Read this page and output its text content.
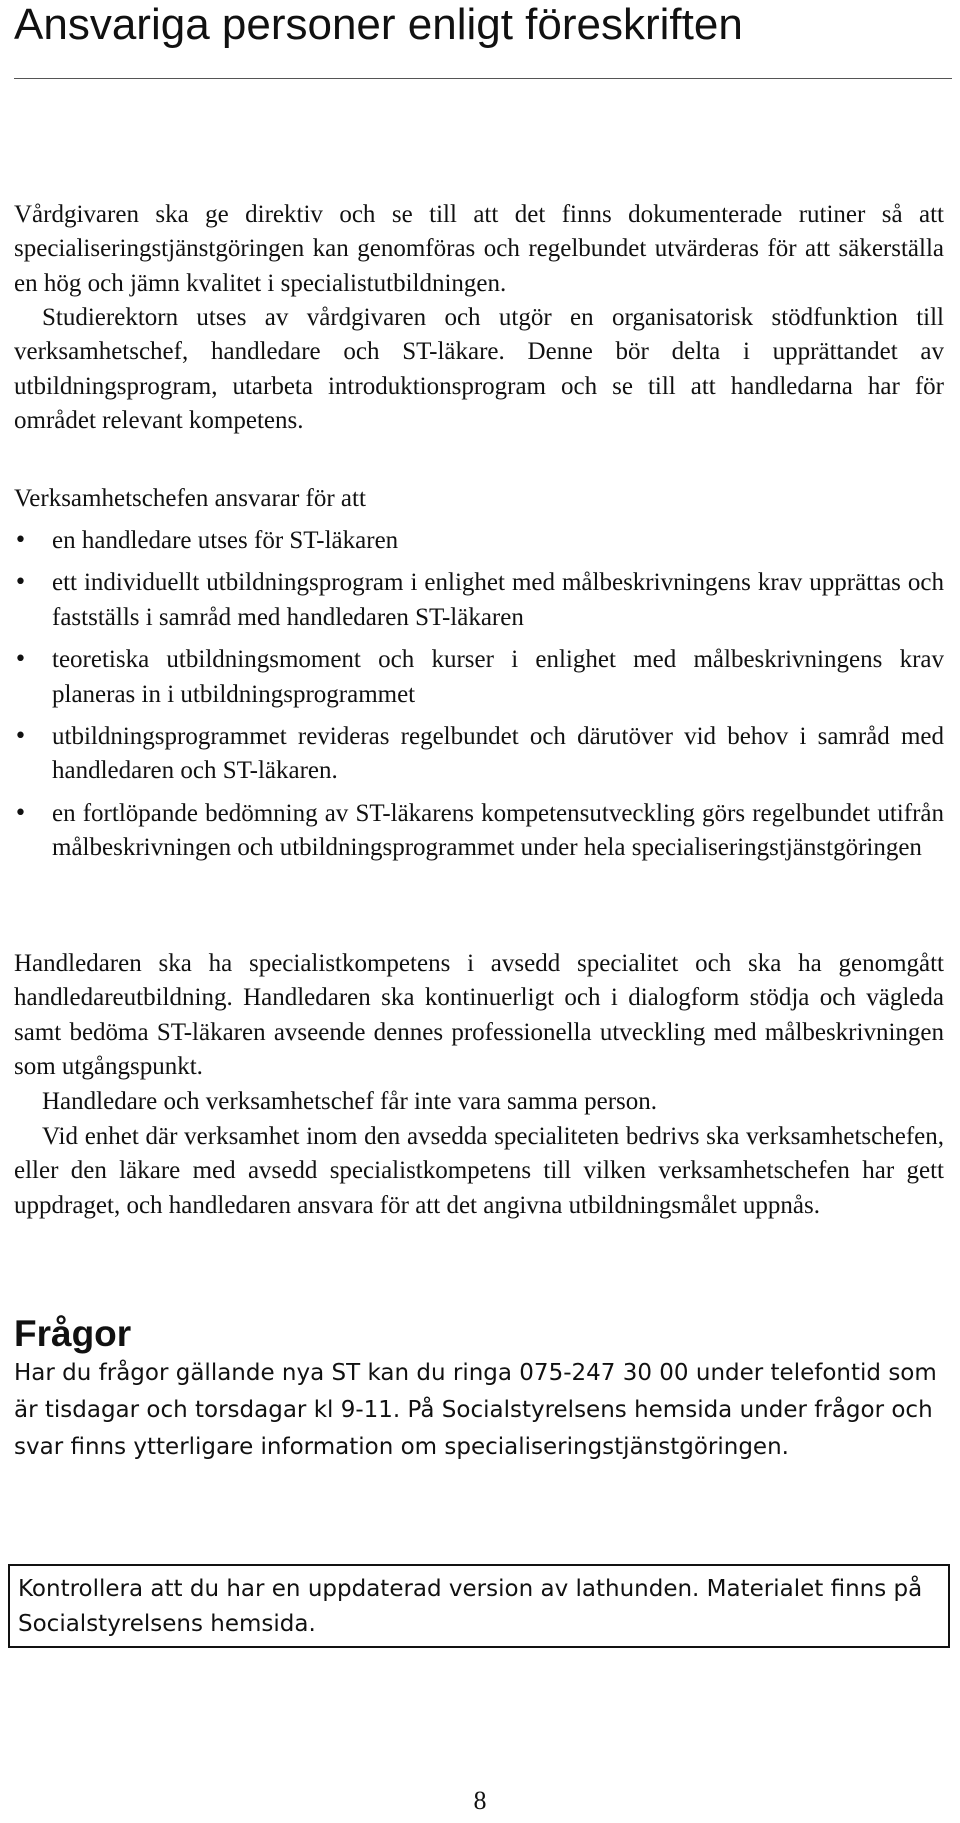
Ansvariga personer enligt föreskriften

Vårdgivaren ska ge direktiv och se till att det finns dokumenterade rutiner så att specialiseringstjänstgöringen kan genomföras och regelbundet utvärderas för att säkerställa en hög och jämn kvalitet i specialistutbildningen.

Studierektorn utses av vårdgivaren och utgör en organisatorisk stödfunktion till verksamhetschef, handledare och ST-läkare. Denne bör delta i upprättandet av utbildningsprogram, utarbeta introduktionsprogram och se till att handledarna har för området relevant kompetens.

Verksamhetschefen ansvarar för att

• en handledare utses för ST-läkaren
• ett individuellt utbildningsprogram i enlighet med målbeskrivningens krav upprättas och fastställs i samråd med handledaren ST-läkaren
• teoretiska utbildningsmoment och kurser i enlighet med målbeskrivningens krav planeras in i utbildningsprogrammet
• utbildningsprogrammet revideras regelbundet och därutöver vid behov i samråd med handledaren och ST-läkaren.
• en fortlöpande bedömning av ST-läkarens kompetensutveckling görs regelbundet utifrån målbeskrivningen och utbildningsprogrammet under hela specialiseringstjänstgöringen

Handledaren ska ha specialistkompetens i avsedd specialitet och ska ha genomgått handledareutbildning. Handledaren ska kontinuerligt och i dialogform stödja och vägleda samt bedöma ST-läkaren avseende dennes professionella utveckling med målbeskrivningen som utgångspunkt.

Handledare och verksamhetschef får inte vara samma person.

Vid enhet där verksamhet inom den avsedda specialiteten bedrivs ska verksamhetschefen, eller den läkare med avsedd specialistkompetens till vilken verksamhetschefen har gett uppdraget, och handledaren ansvara för att det angivna utbildningsmålet uppnås.

Frågor

Har du frågor gällande nya ST kan du ringa 075-247 30 00 under telefontid som är tisdagar och torsdagar kl 9-11. På Socialstyrelsens hemsida under frågor och svar finns ytterligare information om specialiseringstjänstgöringen.

Kontrollera att du har en uppdaterad version av lathunden. Materialet finns på Socialstyrelsens hemsida.

8
